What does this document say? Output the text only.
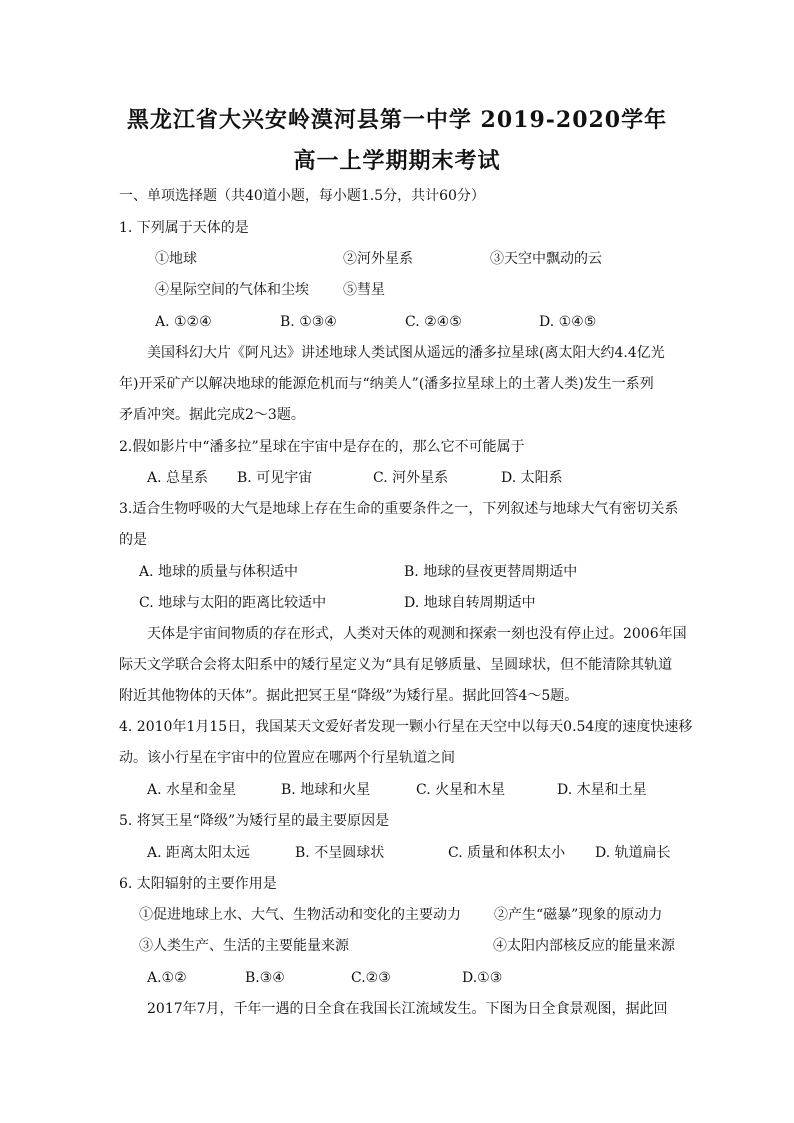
黑龙江省大兴安岭漠河县第一中学 2019-2020学年
高一上学期期末考试
一、单项选择题（共40道小题，每小题1.5分，共计60分）
1. 下列属于天体的是
①地球	②河外星系	③天空中飘动的云
④星际空间的气体和尘埃 ⑤彗星
A. ①②④	B. ①③④	C. ②④⑤	D. ①④⑤
美国科幻大片《阿凡达》讲述地球人类试图从遥远的潘多拉星球(离太阳大约4.4亿光
年)开采矿产以解决地球的能源危机而与“纳美人”(潘多拉星球上的土著人类)发生一系列
矛盾冲突。据此完成2～3题。
2.假如影片中“潘多拉”星球在宇宙中是存在的，那么它不可能属于
A. 总星系 B. 可见宇宙	C. 河外星系	D. 太阳系
3.适合生物呼吸的大气是地球上存在生命的重要条件之一，下列叙述与地球大气有密切关系
的是
A. 地球的质量与体积适中	B. 地球的昼夜更替周期适中
C. 地球与太阳的距离比较适中	D. 地球自转周期适中
天体是宇宙间物质的存在形式，人类对天体的观测和探索一刻也没有停止过。2006年国
际天文学联合会将太阳系中的矮行星定义为“具有足够质量、呈圆球状，但不能清除其轨道
附近其他物体的天体”。据此把冥王星“降级”为矮行星。据此回答4～5题。
4. 2010年1月15日，我国某天文爱好者发现一颗小行星在天空中以每天0.54度的速度快速移
动。该小行星在宇宙中的位置应在哪两个行星轨道之间
A. 水星和金星	B. 地球和火星	C. 火星和木星	D. 木星和土星
5. 将冥王星“降级”为矮行星的最主要原因是
A. 距离太阳太远	B. 不呈圆球状	C. 质量和体积太小 D. 轨道扁长
6. 太阳辐射的主要作用是
①促进地球上水、大气、生物活动和变化的主要动力 ②产生“磁暴”现象的原动力
③人类生产、生活的主要能量来源	④太阳内部核反应的能量来源
A.①②	B.③④	C.②③	D.①③
2017年7月，千年一遇的日全食在我国长江流域发生。下图为日全食景观图，据此回
